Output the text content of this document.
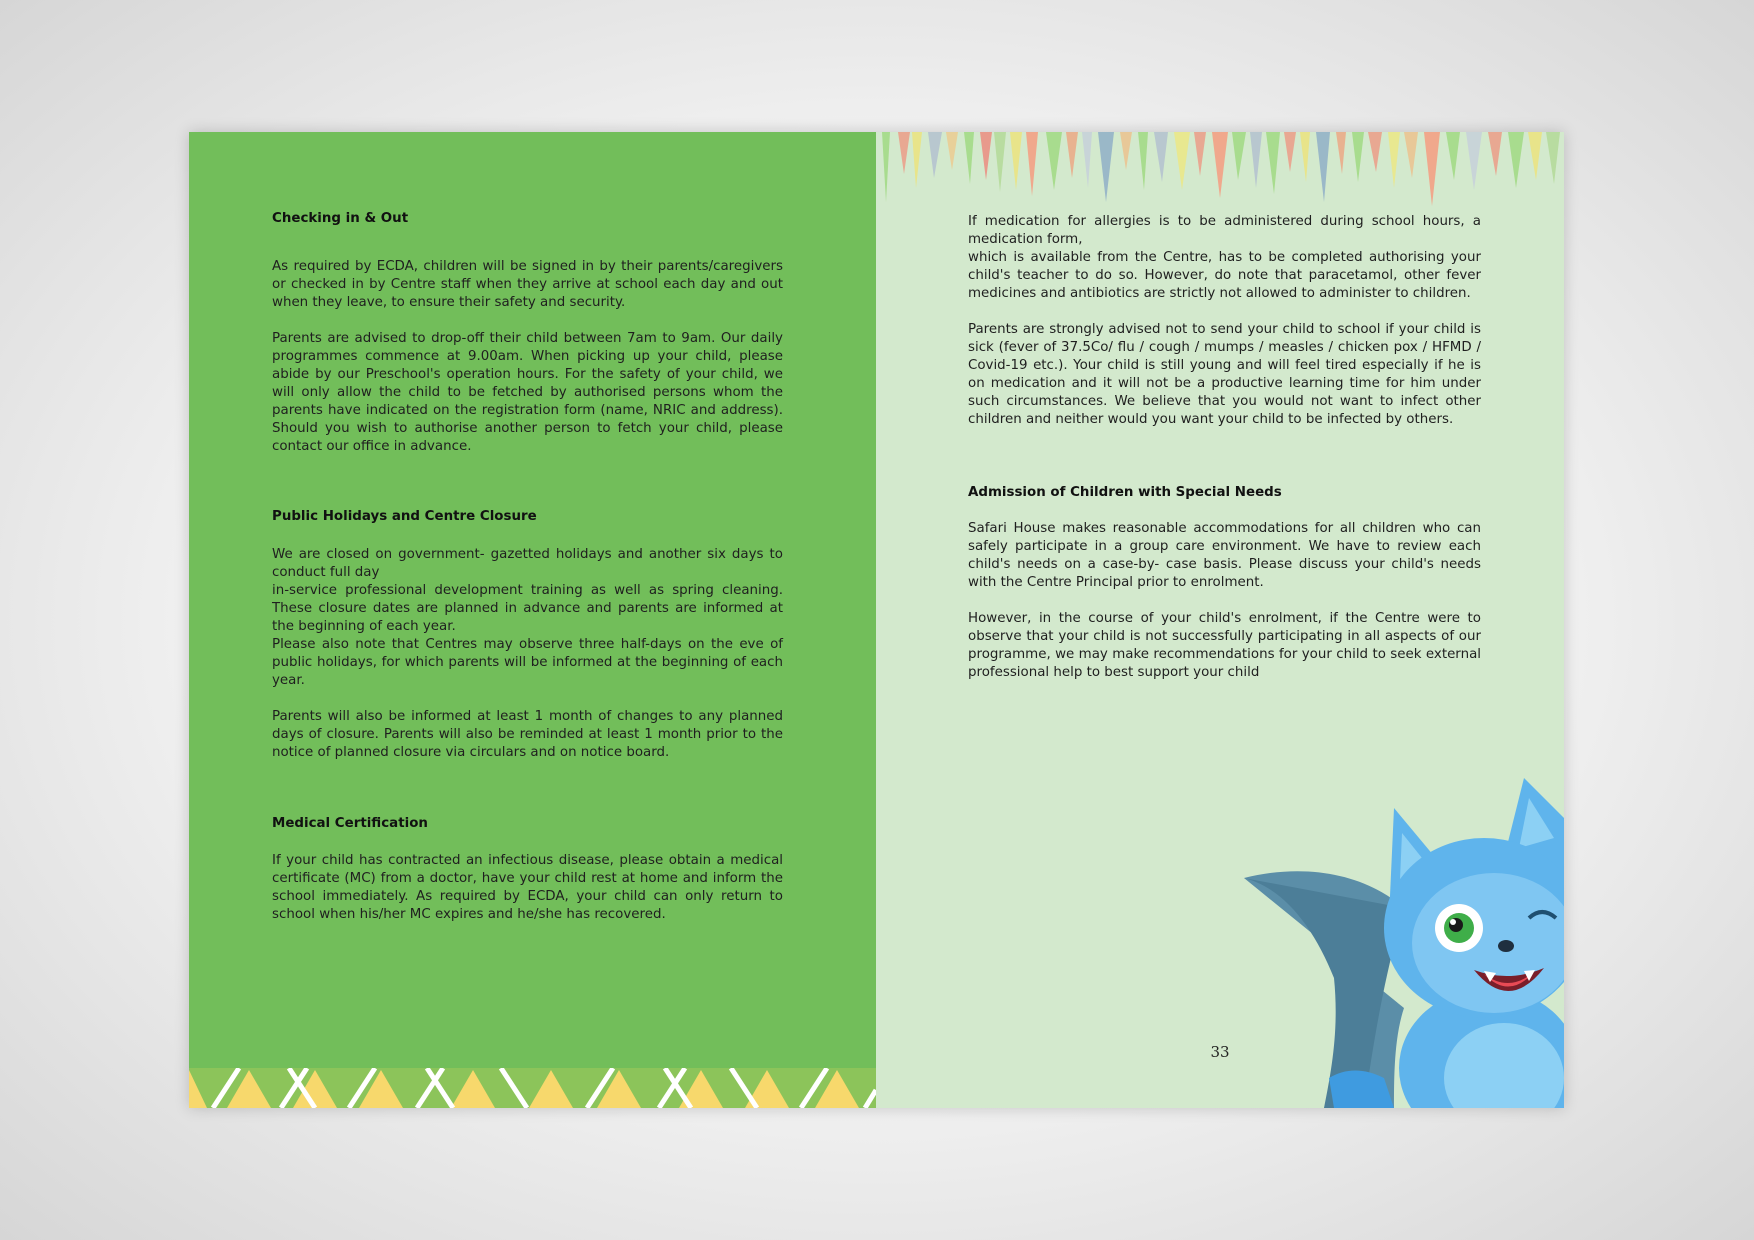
Checking in & Out

As required by ECDA, children will be signed in by their parents/caregivers or checked in by Centre staff when they arrive at school each day and out when they leave, to ensure their safety and security.
Parents are advised to drop-off their child between 7am to 9am. Our daily programmes commence at 9.00am. When picking up your child, please abide by our Preschool's operation hours. For the safety of your child, we will only allow the child to be fetched by authorised persons whom the parents have indicated on the registration form (name, NRIC and address). Should you wish to authorise another person to fetch your child, please contact our office in advance.

Public Holidays and Centre Closure

We are closed on government- gazetted holidays and another six days to conduct full day
in-service professional development training as well as spring cleaning. These closure dates are planned in advance and parents are informed at the beginning of each year.
Please also note that Centres may observe three half-days on the eve of public holidays, for which parents will be informed at the beginning of each year.
Parents will also be informed at least 1 month of changes to any planned days of closure. Parents will also be reminded at least 1 month prior to the notice of planned closure via circulars and on notice board.

Medical Certification

If your child has contracted an infectious disease, please obtain a medical certificate (MC) from a doctor, have your child rest at home and inform the school immediately. As required by ECDA, your child can only return to school when his/her MC expires and he/she has recovered.
If medication for allergies is to be administered during school hours, a medication form,
which is available from the Centre, has to be completed authorising your child's teacher to do so. However, do note that paracetamol, other fever medicines and antibiotics are strictly not allowed to administer to children.
Parents are strongly advised not to send your child to school if your child is sick (fever of 37.5Co/ flu / cough / mumps / measles / chicken pox / HFMD / Covid-19 etc.). Your child is still young and will feel tired especially if he is on medication and it will not be a productive learning time for him under such circumstances. We believe that you would not want to infect other children and neither would you want your child to be infected by others.

Admission of Children with Special Needs

Safari House makes reasonable accommodations for all children who can safely participate in a group care environment. We have to review each child's needs on a case-by- case basis. Please discuss your child's needs with the Centre Principal prior to enrolment.
However, in the course of your child's enrolment, if the Centre were to observe that your child is not successfully participating in all aspects of our programme, we may make recommendations for your child to seek external professional help to best support your child
33
